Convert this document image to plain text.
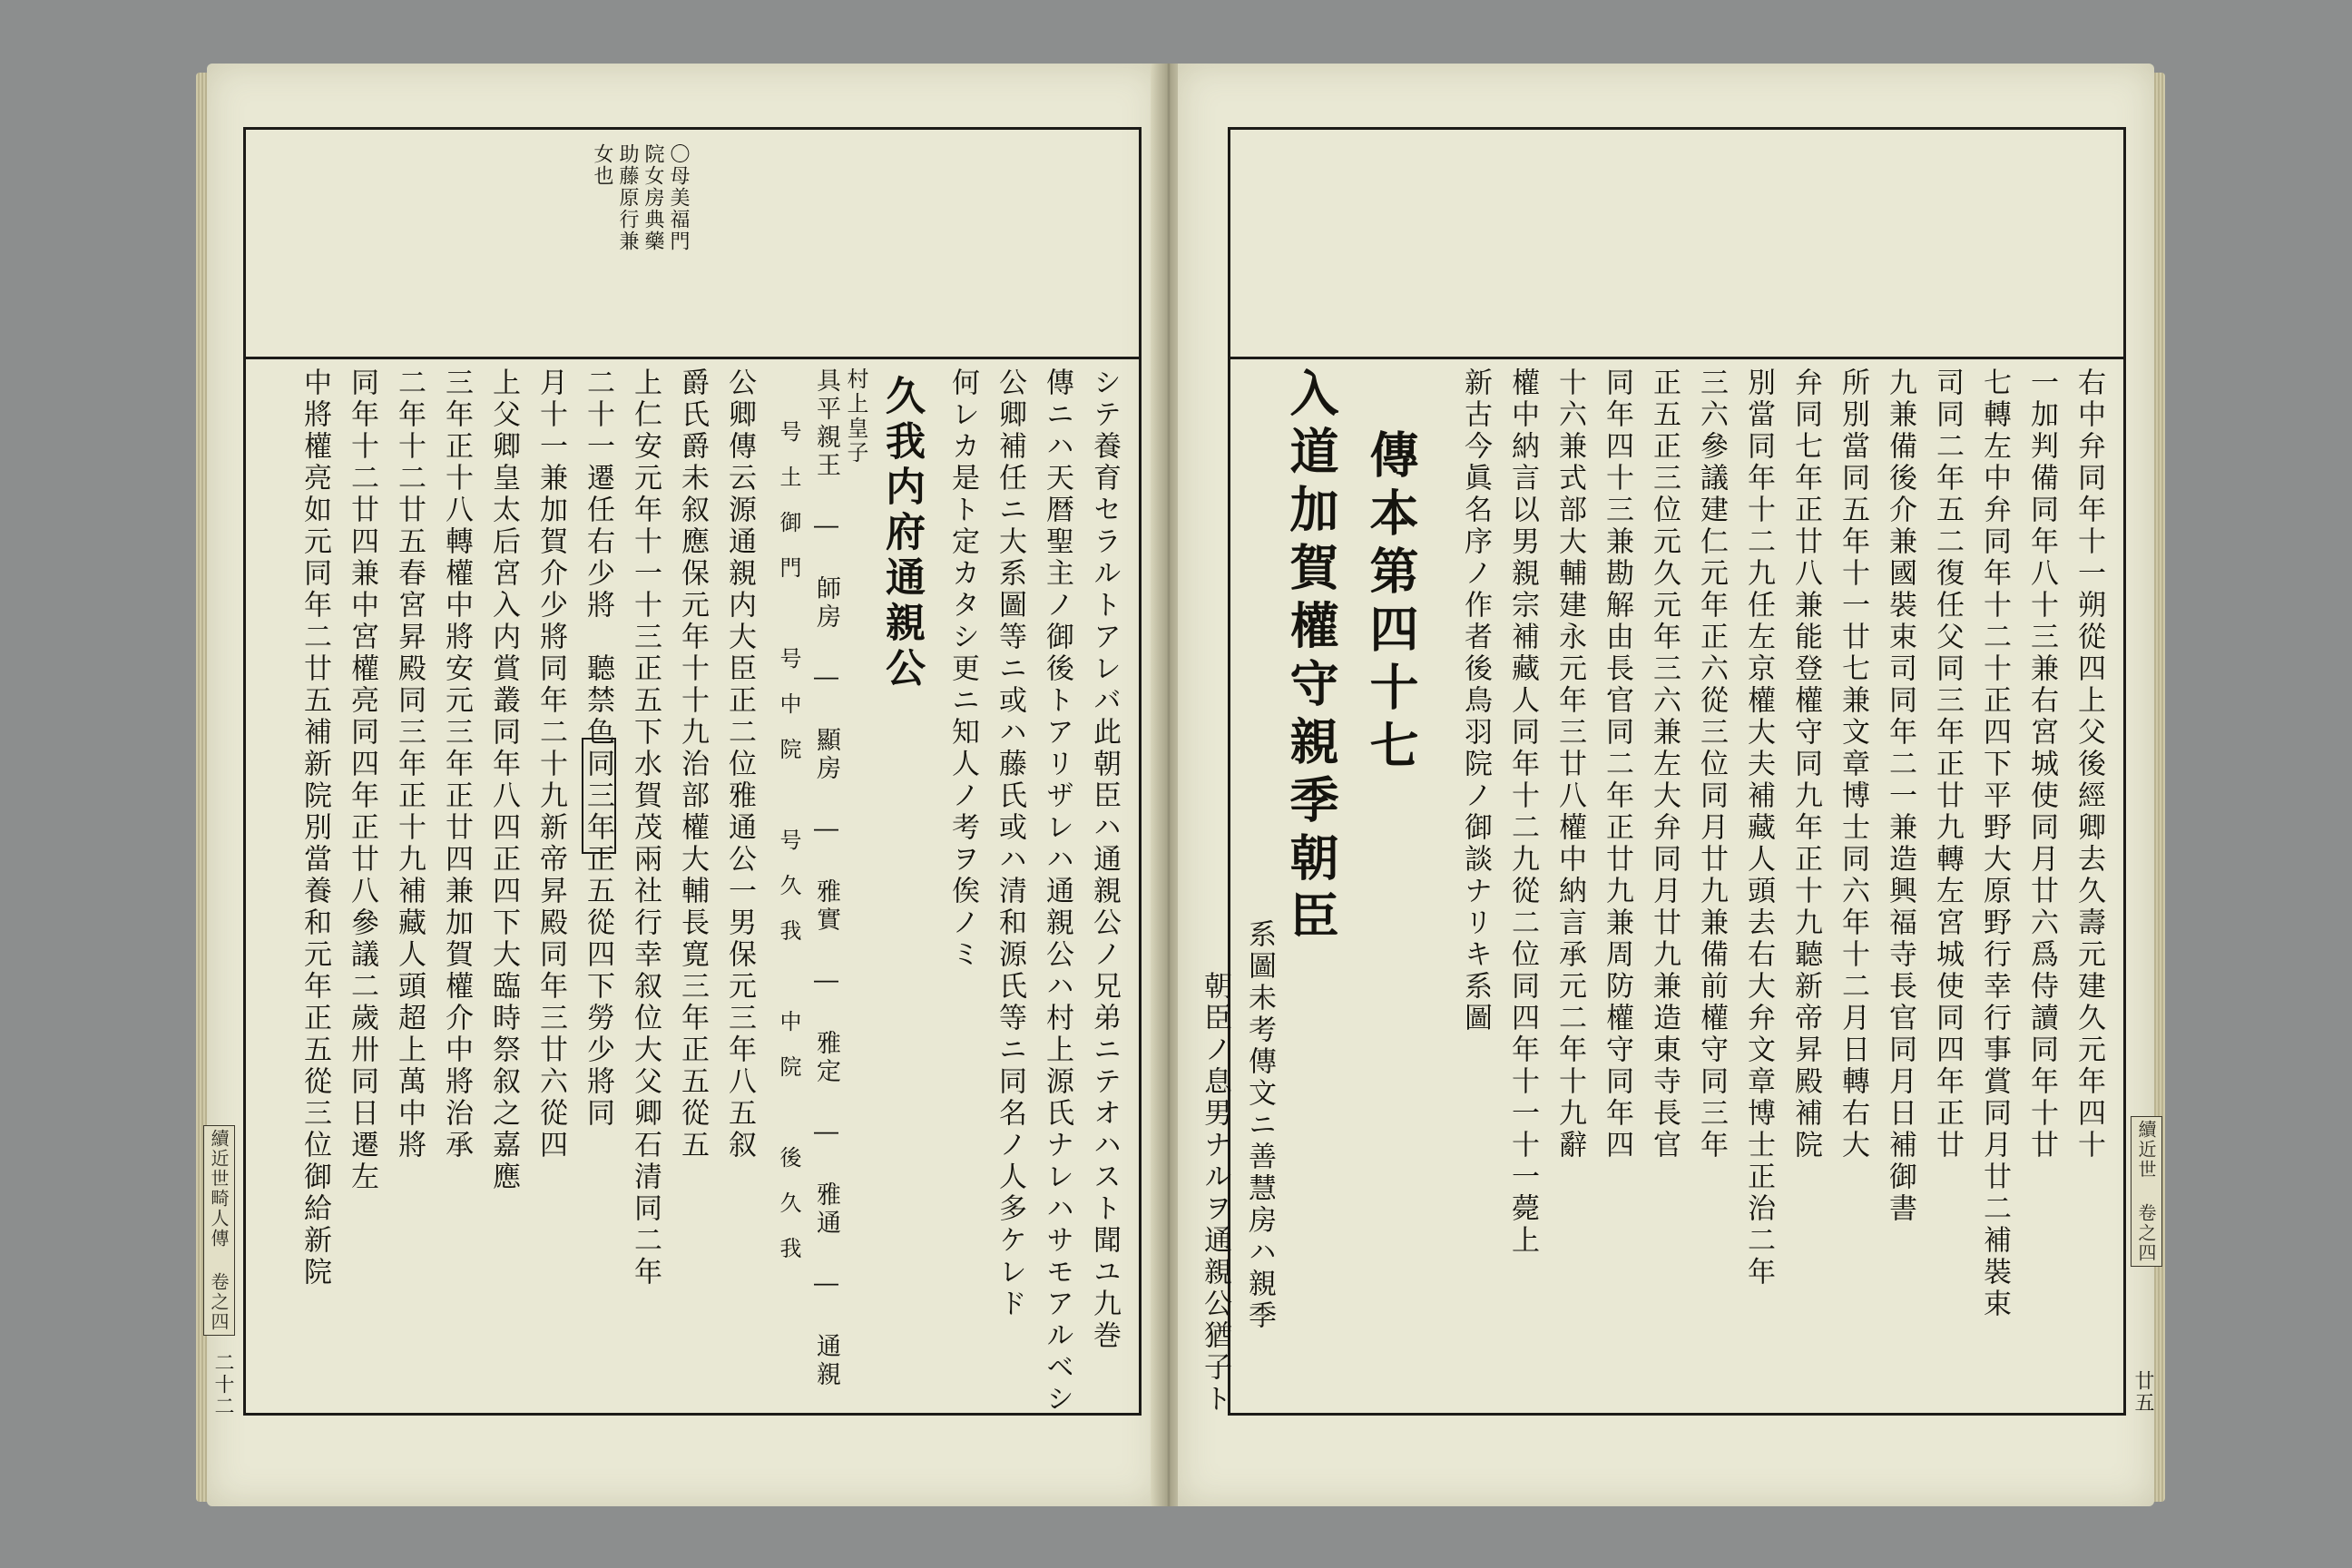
〇母美福門
院女房典藥
助藤原行兼
女也
シテ養育セラルトアレバ此朝臣ハ通親公ノ兄弟ニテオハスト聞ユ九巻
傳ニハ天暦聖主ノ御後トアリザレハ通親公ハ村上源氏ナレハサモアルベシ
公卿補任ニ大系圖等ニ或ハ藤氏或ハ清和源氏等ニ同名ノ人多ケレド
何レカ是ト定カタシ更ニ知人ノ考ヲ俟ノミ
久我内府通親公
村上皇子
具平親王 ― 師房 ― 顯房 ― 雅實 ― 雅定 ― 雅通 ― 通親
号土御門　号中院　号久我　中院　後久我
公卿傳云源通親内大臣正二位雅通公一男保元三年八五叙
爵氏爵未叙應保元年十十九治部權大輔長寛三年正五從五
上仁安元年十一十三正五下水賀茂兩社行幸叙位大父卿石清同二年
二十一遷任右少將　聽禁色同三年正五從四下勞少將同
月十一兼加賀介少將同年二十九新帝昇殿同年三廿六從四
上父卿皇太后宮入内賞叢同年八四正四下大臨時祭叙之嘉應
三年正十八轉權中將安元三年正廿四兼加賀權介中將治承
二年十二廿五春宮昇殿同三年正十九補藏人頭超上萬中將
同年十二廿四兼中宮權亮同四年正廿八參議二歲卅同日遷左
中將權亮如元同年二廿五補新院別當養和元年正五從三位御給新院
續近世畸人傳 卷之四
二十二
右中弁同年十一朔從四上父後經卿去久壽元建久元年四十
一加判備同年八十三兼右宮城使同月廿六爲侍讀同年十廿
七轉左中弁同年十二十正四下平野大原野行幸行事賞同月廿二補裝束
司同二年五二復任父同三年正廿九轉左宮城使同四年正廿
九兼備後介兼國裝束司同年二一兼造興福寺長官同月日補御書
所別當同五年十一廿七兼文章博士同六年十二月日轉右大
弁同七年正廿八兼能登權守同九年正十九聽新帝昇殿補院
別當同年十二九任左京權大夫補藏人頭去右大弁文章博士正治二年
三六參議建仁元年正六從三位同月廿九兼備前權守同三年
正五正三位元久元年三六兼左大弁同月廿九兼造東寺長官
同年四十三兼勘解由長官同二年正廿九兼周防權守同年四
十六兼式部大輔建永元年三廿八權中納言承元二年十九辭
權中納言以男親宗補藏人同年十二九從二位同四年十一十一薨上
新古今眞名序ノ作者後鳥羽院ノ御談ナリキ系圖
傳本第四十七
入道加賀權守親季朝臣
系圖未考傳文ニ善慧房ハ親季
朝臣ノ息男ナルヲ通親公猶子ト	續近世 卷之四
廿五
